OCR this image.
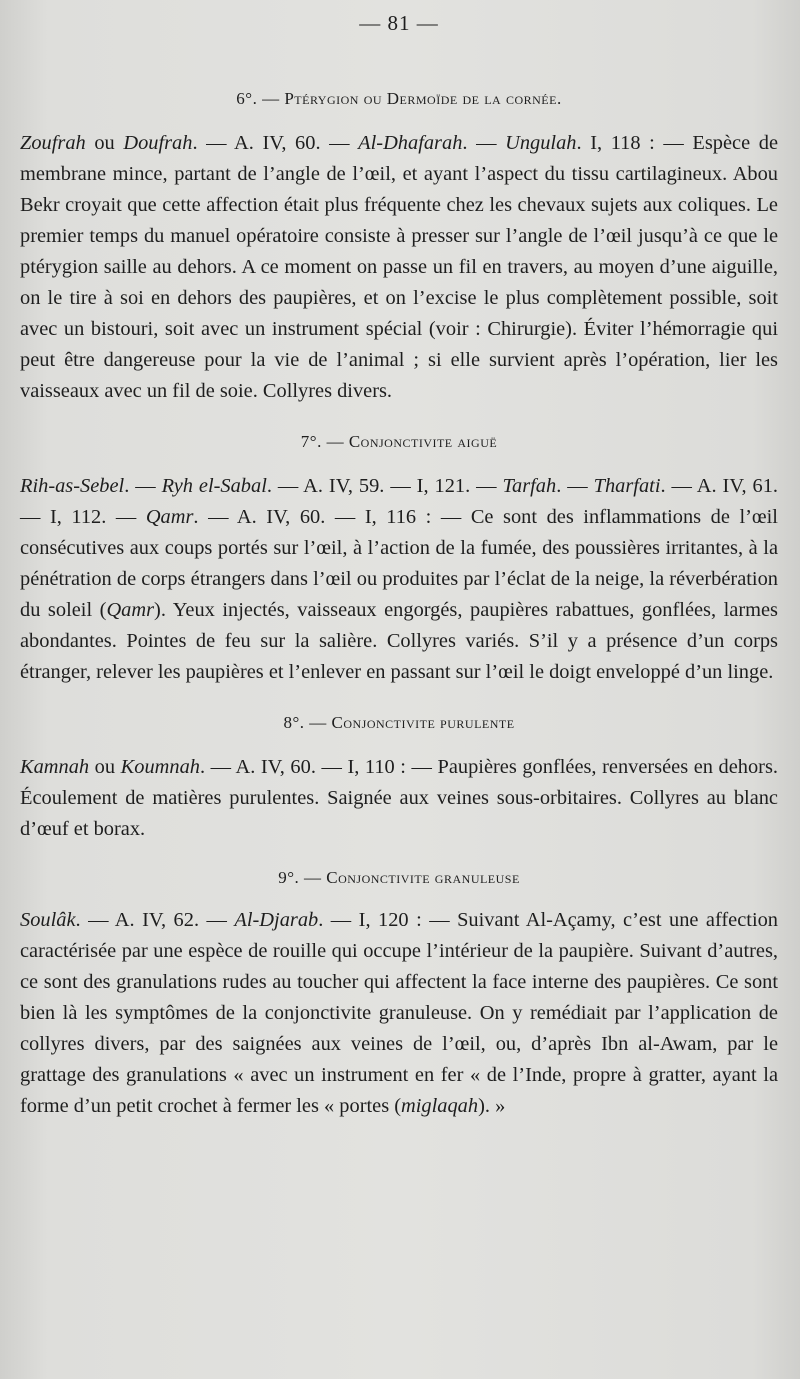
— 81 —
6°. — Ptérygion ou Dermoïde de la cornée.

Zoufrah ou Doufrah. — A. IV, 60. — Al-Dhafarah. — Ungulah. I, 118 : — Espèce de membrane mince, partant de l’angle de l’œil, et ayant l’aspect du tissu cartilagineux. Abou Bekr croyait que cette affection était plus fréquente chez les chevaux sujets aux coliques. Le premier temps du manuel opératoire consiste à presser sur l’angle de l’œil jusqu’à ce que le ptérygion saille au dehors. A ce moment on passe un fil en travers, au moyen d’une aiguille, on le tire à soi en dehors des paupières, et on l’excise le plus complètement possible, soit avec un bistouri, soit avec un instrument spécial (voir : Chirurgie). Éviter l’hémorragie qui peut être dangereuse pour la vie de l’animal ; si elle survient après l’opération, lier les vaisseaux avec un fil de soie. Collyres divers.

7°. — Conjonctivite aiguë

Rih-as-Sebel. — Ryh el-Sabal. — A. IV, 59. — I, 121. — Tarfah. — Tharfati. — A. IV, 61. — I, 112. — Qamr. — A. IV, 60. — I, 116 : — Ce sont des inflammations de l’œil consécutives aux coups portés sur l’œil, à l’action de la fumée, des poussières irritantes, à la pénétration de corps étrangers dans l’œil ou produites par l’éclat de la neige, la réverbération du soleil (Qamr). Yeux injectés, vaisseaux engorgés, paupières rabattues, gonflées, larmes abondantes. Pointes de feu sur la salière. Collyres variés. S’il y a présence d’un corps étranger, relever les paupières et l’enlever en passant sur l’œil le doigt enveloppé d’un linge.

8°. — Conjonctivite purulente

Kamnah ou Koumnah. — A. IV, 60. — I, 110 : — Paupières gonflées, renversées en dehors. Écoulement de matières purulentes. Saignée aux veines sous-orbitaires. Collyres au blanc d’œuf et borax.

9°. — Conjonctivite granuleuse

Soulâk. — A. IV, 62. — Al-Djarab. — I, 120 : — Suivant Al-Açamy, c’est une affection caractérisée par une espèce de rouille qui occupe l’intérieur de la paupière. Suivant d’autres, ce sont des granulations rudes au toucher qui affectent la face interne des paupières. Ce sont bien là les symptômes de la conjonctivite granuleuse. On y remédiait par l’application de collyres divers, par des saignées aux veines de l’œil, ou, d’après Ibn al-Awam, par le grattage des granulations « avec un instrument en fer « de l’Inde, propre à gratter, ayant la forme d’un petit crochet à fermer les « portes (miglaqah). »
